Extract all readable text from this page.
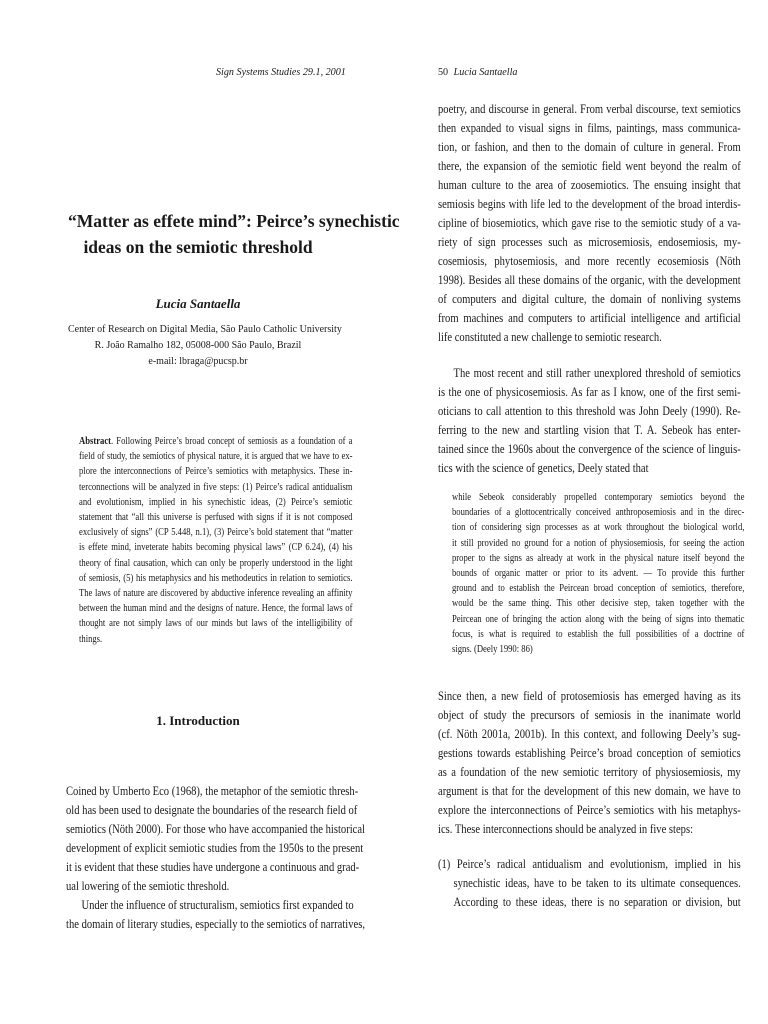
Sign Systems Studies 29.1, 2001
“Matter as effete mind”: Peirce’s synechistic
ideas on the semiotic threshold
Lucia Santaella
Center of Research on Digital Media, São Paulo Catholic University
R. João Ramalho 182, 05008-000 São Paulo, Brazil
e-mail: lbraga@pucsp.br
Abstract. Following Peirce’s broad concept of semiosis as a foundation of a
field of study, the semiotics of physical nature, it is argued that we have to ex-
plore the interconnections of Peirce’s semiotics with metaphysics. These in-
terconnections will be analyzed in five steps: (1) Peirce’s radical antidualism
and evolutionism, implied in his synechistic ideas, (2) Peirce’s semiotic
statement that “all this universe is perfused with signs if it is not composed
exclusively of signs” (CP 5.448, n.1), (3) Peirce’s bold statement that “matter
is effete mind, inveterate habits becoming physical laws” (CP 6.24), (4) his
theory of final causation, which can only be properly understood in the light
of semiosis, (5) his metaphysics and his methodeutics in relation to semiotics.
The laws of nature are discovered by abductive inference revealing an affinity
between the human mind and the designs of nature. Hence, the formal laws of
thought are not simply laws of our minds but laws of the intelligibility of
things.
1. Introduction
Coined by Umberto Eco (1968), the metaphor of the semiotic thresh-
old has been used to designate the boundaries of the research field of
semiotics (Nöth 2000). For those who have accompanied the historical
development of explicit semiotic studies from the 1950s to the present
it is evident that these studies have undergone a continuous and grad-
ual lowering of the semiotic threshold.
Under the influence of structuralism, semiotics first expanded to
the domain of literary studies, especially to the semiotics of narratives,
50 Lucia Santaella
poetry, and discourse in general. From verbal discourse, text semiotics
then expanded to visual signs in films, paintings, mass communica-
tion, or fashion, and then to the domain of culture in general. From
there, the expansion of the semiotic field went beyond the realm of
human culture to the area of zoosemiotics. The ensuing insight that
semiosis begins with life led to the development of the broad interdis-
cipline of biosemiotics, which gave rise to the semiotic study of a va-
riety of sign processes such as microsemiosis, endosemiosis, my-
cosemiosis, phytosemiosis, and more recently ecosemiosis (Nöth
1998). Besides all these domains of the organic, with the development
of computers and digital culture, the domain of nonliving systems
from machines and computers to artificial intelligence and artificial
life constituted a new challenge to semiotic research.
The most recent and still rather unexplored threshold of semiotics
is the one of physicosemiosis. As far as I know, one of the first semi-
oticians to call attention to this threshold was John Deely (1990). Re-
ferring to the new and startling vision that T. A. Sebeok has enter-
tained since the 1960s about the convergence of the science of linguis-
tics with the science of genetics, Deely stated that
while Sebeok considerably propelled contemporary semiotics beyond the
boundaries of a glottocentrically conceived anthroposemiosis and in the direc-
tion of considering sign processes as at work throughout the biological world,
it still provided no ground for a notion of physiosemiosis, for seeing the action
proper to the signs as already at work in the physical nature itself beyond the
bounds of organic matter or prior to its advent. — To provide this further
ground and to establish the Peircean broad conception of semiotics, therefore,
would be the same thing. This other decisive step, taken together with the
Peircean one of bringing the action along with the being of signs into thematic
focus, is what is required to establish the full possibilities of a doctrine of
signs. (Deely 1990: 86)
Since then, a new field of protosemiosis has emerged having as its
object of study the precursors of semiosis in the inanimate world
(cf. Nöth 2001a, 2001b). In this context, and following Deely’s sug-
gestions towards establishing Peirce’s broad conception of semiotics
as a foundation of the new semiotic territory of physiosemiosis, my
argument is that for the development of this new domain, we have to
explore the interconnections of Peirce’s semiotics with his metaphys-
ics. These interconnections should be analyzed in five steps:
(1) Peirce’s radical antidualism and evolutionism, implied in his
synechistic ideas, have to be taken to its ultimate consequences.
According to these ideas, there is no separation or division, but
